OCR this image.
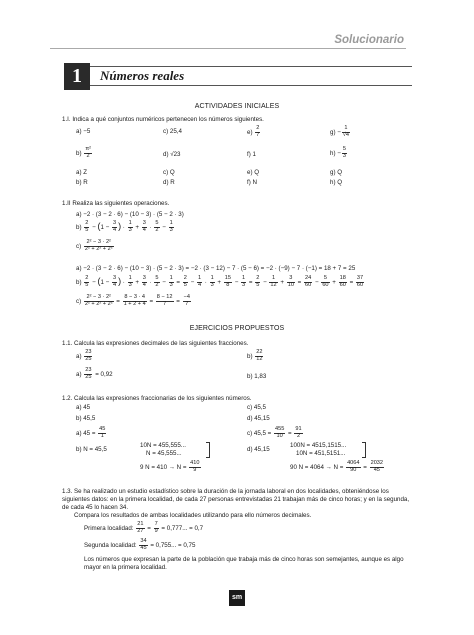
Solucionario
1	Números reales
ACTIVIDADES INICIALES
1.I. Indica a qué conjuntos numéricos pertenecen los números siguientes.
a) −5	c) 25,4	$e) \frac{2}{7}$	$g) - \frac{1}{√4}$
$b) \frac{\text{π²}}{2}$	d) √23	f) 1	$h) - \frac{5}{3}$
a) Z	c) Q	e) Q	g) Q
b) R	d) R	f) N	h) Q
1.II Realiza las siguientes operaciones.
a) −2 · (3 − 2 · 6) − (10 − 3) · (5 − 2 · 3)
$b) \frac{2}{5} - (1 - \frac{3}{4}$ ) · $\frac{1}{3} + \frac{3}{4} \cdot \frac{5}{2} - \frac{1}{3}$
$c) \frac{\text{2² − 3 · 2²}}{\text{2² + 2² + 2²}}$
a) −2 · (3 − 2 · 6) − (10 − 3) · (5 − 2 · 3) = −2 · (3 − 12) − 7 · (5 − 6) = −2 · (−9) − 7 · (−1) = 18 + 7 = 25
$b) \frac{2}{5} - (1 - \frac{3}{4}$ ) · $\frac{1}{3} + \frac{3}{4} \cdot \frac{5}{2} - \frac{1}{3} = \frac{2}{5} - \frac{1}{4} \cdot \frac{1}{3} + \frac{15}{8} - \frac{1}{3} = \frac{2}{5} - \frac{1}{12} + \frac{3}{10} = \frac{24}{60} - \frac{5}{60} + \frac{18}{60} = \frac{37}{60}$
$c) \frac{\text{2² − 3 · 2²}}{\text{2² + 2² + 2²}} = \frac{8 - 3 \cdot 4}{1 + 2 + 4} = \frac{8 - 12}{7} = \frac{-4}{7}$
EJERCICIOS PROPUESTOS
1.1. Calcula las expresiones decimales de las siguientes fracciones.
$a) \frac{23}{25}$	$b) \frac{22}{12}$
$a) \frac{23}{25} = 0,92$	b) 1,83
1.2. Calcula las expresiones fraccionarias de los siguientes números.
a) 45	c) 45,5
b) 45,5	d) 45,15
a) $45 = \frac{45}{1}$	c) $45,5 = \frac{455}{10} = \frac{91}{2}$
b) N = 45,5
10N = 455,555...
N = 45,555...
9 $N = 410 \to N = \frac{410}{9}$
d) 45,15
100N = 4515,1515...
10N = 451,5151...
90 $N = 4064 \to N = \frac{4064}{90} = \frac{2032}{45}$
1.3. Se ha realizado un estudio estadístico sobre la duración de la jornada laboral en dos localidades, obteniéndose los siguientes datos: en la primera localidad, de cada 27 personas entrevistadas 21 trabajan más de cinco horas; y en la segunda, de cada 45 lo hacen 34.
Compara los resultados de ambas localidades utilizando para ello números decimales.
Primera localidad: $\frac{21}{27} = \frac{7}{9} = 0,777$... = 0,7
Segunda localidad: $\frac{34}{45} = 0,755$... = 0,75
Los números que expresan la parte de la población que trabaja más de cinco horas son semejantes, aunque es algo mayor en la primera localidad.
sm
